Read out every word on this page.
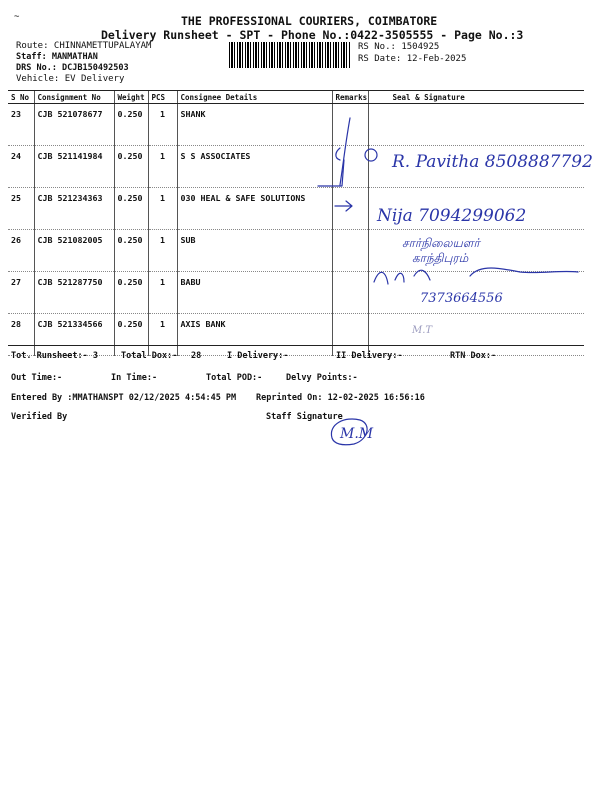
~	THE PROFESSIONAL COURIERS, COIMBATORE
Delivery Runsheet - SPT - Phone No.:0422-3505555 - Page No.:3
Route: CHINNAMETTUPALAYAM
Staff: MANMATHAN
DRS No.: DCJB150492503
Vehicle: EV Delivery
RS No.: 1504925
RS Date: 12-Feb-2025
S No	Consignment No	Weight	PCS	Consignee Details	Remarks	Seal & Signature
23	CJB 521078677	0.250	1	SHANK		
24	CJB 521141984	0.250	1	S S ASSOCIATES		
25	CJB 521234363	0.250	1	030 HEAL & SAFE SOLUTIONS		
26	CJB 521082005	0.250	1	SUB		
27	CJB 521287750	0.250	1	BABU		
28	CJB 521334566	0.250	1	AXIS BANK		
R. Pavitha 8508887792
Nija 7094299062
சார்நிலையளர்
காந்திபுரம்
7373664556
M.T
M.M
Tot. Runsheet:- 3	Total Dox:- 28	I Delivery:-	II Delivery:-	RTN Dox:-
Out Time:-	In Time:-	Total POD:-	Delvy Points:-
Entered By :MMATHANSPT 02/12/2025 4:54:45 PM Reprinted On: 12-02-2025 16:56:16
Verified By	Staff Signature
